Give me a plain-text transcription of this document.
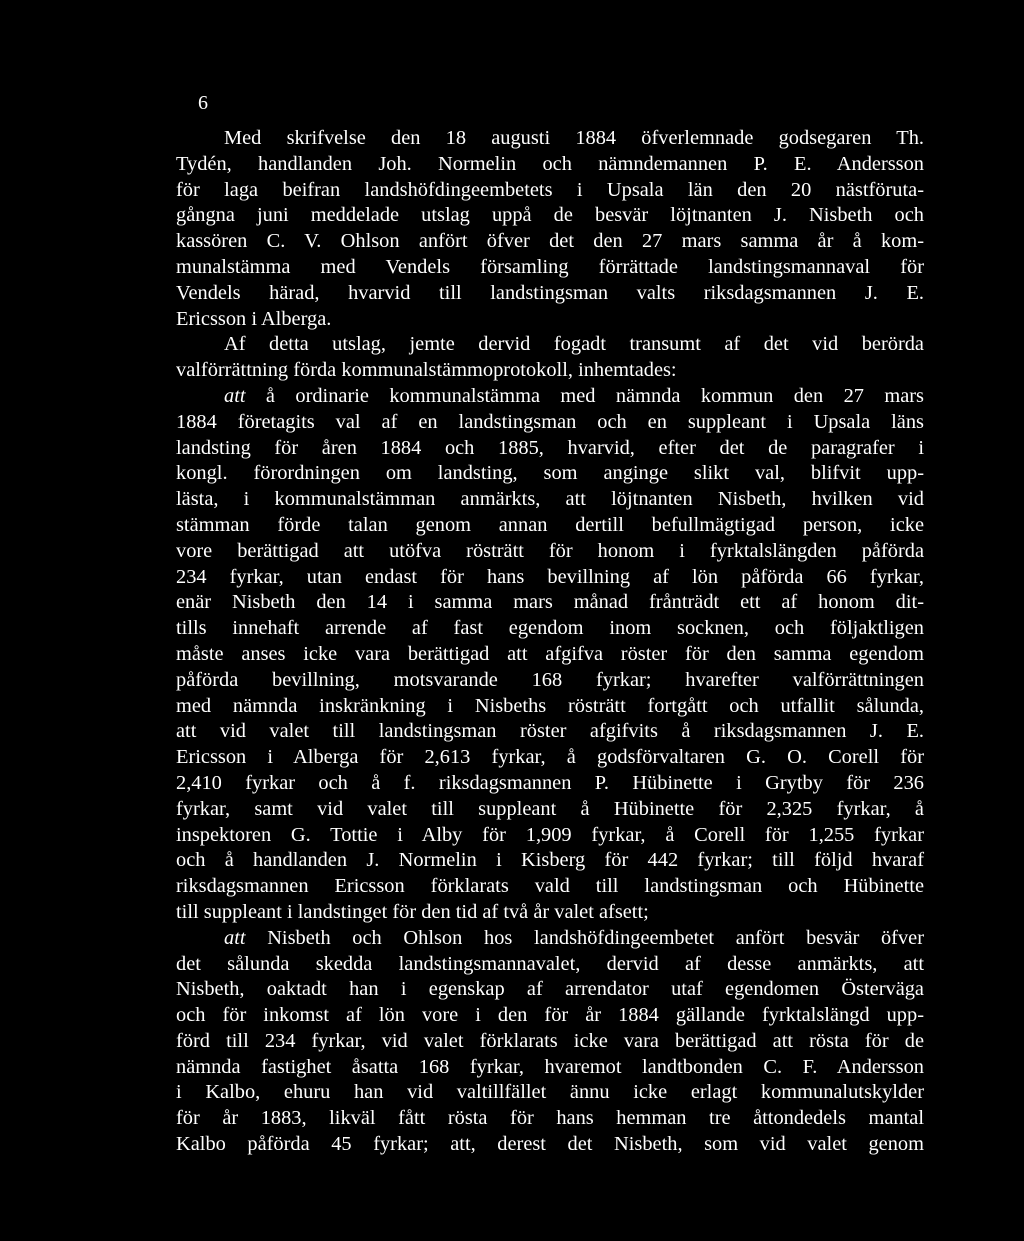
6
Med skrifvelse den 18 augusti 1884 öfverlemnade godsegaren Th.
Tydén, handlanden Joh. Normelin och nämndemannen P. E. Andersson
för laga beifran landshöfdingeembetets i Upsala län den 20 nästföruta-
gångna juni meddelade utslag uppå de besvär löjtnanten J. Nisbeth och
kassören C. V. Ohlson anfört öfver det den 27 mars samma år å kom-
munalstämma med Vendels församling förrättade landstingsmannaval för
Vendels härad, hvarvid till landstingsman valts riksdagsmannen J. E.
Ericsson i Alberga.
Af detta utslag, jemte dervid fogadt transumt af det vid berörda
valförrättning förda kommunalstämmoprotokoll, inhemtades:
att å ordinarie kommunalstämma med nämnda kommun den 27 mars
1884 företagits val af en landstingsman och en suppleant i Upsala läns
landsting för åren 1884 och 1885, hvarvid, efter det de paragrafer i
kongl. förordningen om landsting, som anginge slikt val, blifvit upp-
lästa, i kommunalstämman anmärkts, att löjtnanten Nisbeth, hvilken vid
stämman förde talan genom annan dertill befullmägtigad person, icke
vore berättigad att utöfva rösträtt för honom i fyrktalslängden påförda
234 fyrkar, utan endast för hans bevillning af lön påförda 66 fyrkar,
enär Nisbeth den 14 i samma mars månad frånträdt ett af honom dit-
tills innehaft arrende af fast egendom inom socknen, och följaktligen
måste anses icke vara berättigad att afgifva röster för den samma egendom
påförda bevillning, motsvarande 168 fyrkar; hvarefter valförrättningen
med nämnda inskränkning i Nisbeths rösträtt fortgått och utfallit sålunda,
att vid valet till landstingsman röster afgifvits å riksdagsmannen J. E.
Ericsson i Alberga för 2,613 fyrkar, å godsförvaltaren G. O. Corell för
2,410 fyrkar och å f. riksdagsmannen P. Hübinette i Grytby för 236
fyrkar, samt vid valet till suppleant å Hübinette för 2,325 fyrkar, å
inspektoren G. Tottie i Alby för 1,909 fyrkar, å Corell för 1,255 fyrkar
och å handlanden J. Normelin i Kisberg för 442 fyrkar; till följd hvaraf
riksdagsmannen Ericsson förklarats vald till landstingsman och Hübinette
till suppleant i landstinget för den tid af två år valet afsett;
att Nisbeth och Ohlson hos landshöfdingeembetet anfört besvär öfver
det sålunda skedda landstingsmannavalet, dervid af desse anmärkts, att
Nisbeth, oaktadt han i egenskap af arrendator utaf egendomen Österväga
och för inkomst af lön vore i den för år 1884 gällande fyrktalslängd upp-
förd till 234 fyrkar, vid valet förklarats icke vara berättigad att rösta för de
nämnda fastighet åsatta 168 fyrkar, hvaremot landtbonden C. F. Andersson
i Kalbo, ehuru han vid valtillfället ännu icke erlagt kommunalutskylder
för år 1883, likväl fått rösta för hans hemman tre åttondedels mantal
Kalbo påförda 45 fyrkar; att, derest det Nisbeth, som vid valet genom
